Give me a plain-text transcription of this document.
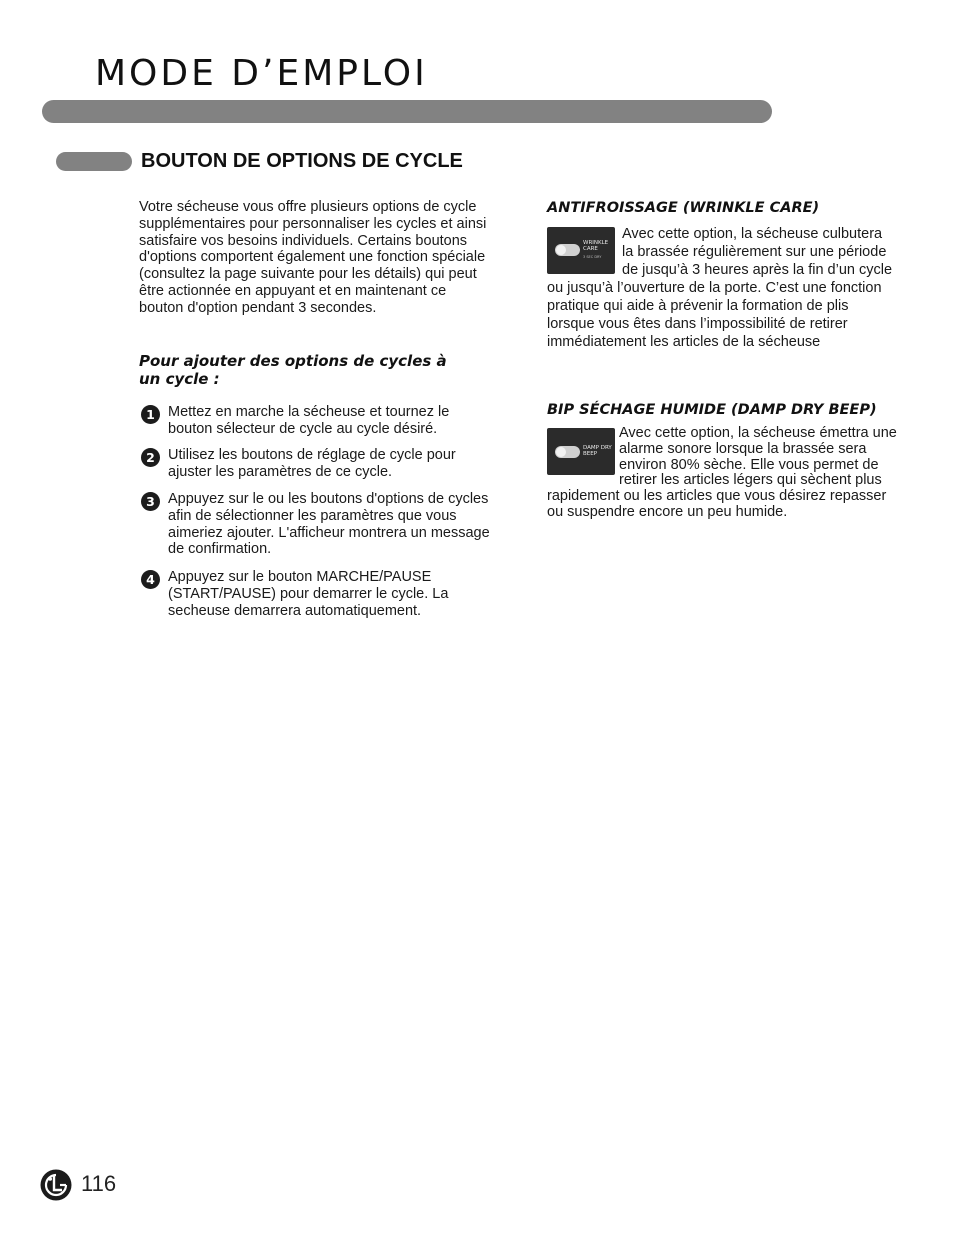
MODE D’EMPLOI
BOUTON DE OPTIONS DE CYCLE

Votre sécheuse vous offre plusieurs options de cycle supplémentaires pour personnaliser les cycles et ainsi satisfaire vos besoins individuels. Certains boutons d'options comportent également une fonction spéciale (consultez la page suivante pour les détails) qui peut être actionnée en appuyant et en maintenant ce bouton d'option pendant 3 secondes.

Pour ajouter des options de cycles à un cycle :
1 Mettez en marche la sécheuse et tournez le bouton sélecteur de cycle au cycle désiré.
2 Utilisez les boutons de réglage de cycle pour ajuster les paramètres de ce cycle.
3 Appuyez sur le ou les boutons d'options de cycles afin de sélectionner les paramètres que vous aimeriez ajouter. L'afficheur montrera un message de confirmation.
4 Appuyez sur le bouton MARCHE/PAUSE (START/PAUSE) pour demarrer le cycle. La secheuse demarrera automatiquement.
ANTIFROISSAGE (WRINKLE CARE)
WRINKLE CARE
3 SEC DRY

Avec cette option, la sécheuse culbutera la brassée régulièrement sur une période de jusqu’à 3 heures après la fin d’un cycle ou jusqu’à l’ouverture de la porte. C’est une fonction pratique qui aide à prévenir la formation de plis lorsque vous êtes dans l’impossibilité de retirer immédiatement les articles de la sécheuse

BIP SÉCHAGE HUMIDE (DAMP DRY BEEP)
DAMP DRY BEEP

Avec cette option, la sécheuse émettra une alarme sonore lorsque la brassée sera environ 80% sèche. Elle vous permet de retirer les articles légers qui sèchent plus rapidement ou les articles que vous désirez repasser ou suspendre encore un peu humide.

116
